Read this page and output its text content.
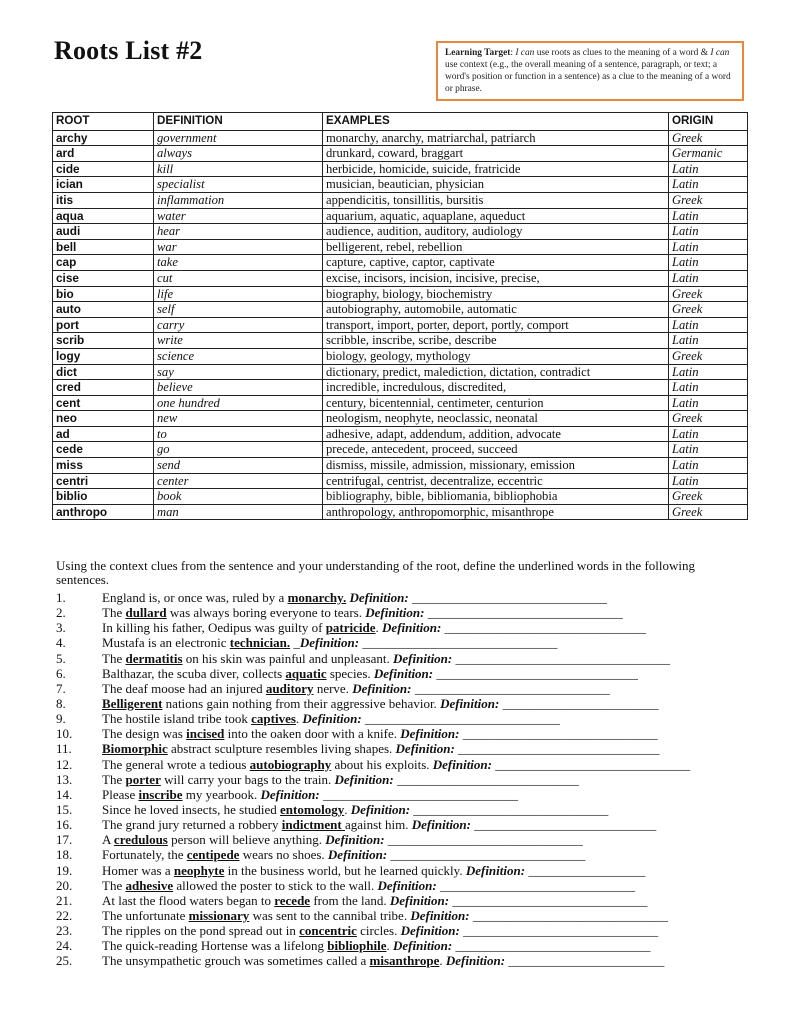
Roots List #2	Learning Target: I can use roots as clues to the meaning of a word & I can use context (e.g., the overall meaning of a sentence, paragraph, or text; a word's position or function in a sentence) as a clue to the meaning of a word or phrase.
ROOT	DEFINITION	EXAMPLES	ORIGIN
archy	government	monarchy, anarchy, matriarchal, patriarch	Greek
ard	always	drunkard, coward, braggart	Germanic
cide	kill	herbicide, homicide, suicide, fratricide	Latin
ician	specialist	musician, beautician, physician	Latin
itis	inflammation	appendicitis, tonsillitis, bursitis	Greek
aqua	water	aquarium, aquatic, aquaplane, aqueduct	Latin
audi	hear	audience, audition, auditory, audiology	Latin
bell	war	belligerent, rebel, rebellion	Latin
cap	take	capture, captive, captor, captivate	Latin
cise	cut	excise, incisors, incision, incisive, precise,	Latin
bio	life	biography, biology, biochemistry	Greek
auto	self	autobiography, automobile, automatic	Greek
port	carry	transport, import, porter, deport, portly, comport	Latin
scrib	write	scribble, inscribe, scribe, describe	Latin
logy	science	biology, geology, mythology	Greek
dict	say	dictionary, predict, malediction, dictation, contradict	Latin
cred	believe	incredible, incredulous, discredited,	Latin
cent	one hundred	century, bicentennial, centimeter, centurion	Latin
neo	new	neologism, neophyte, neoclassic, neonatal	Greek
ad	to	adhesive, adapt, addendum, addition, advocate	Latin
cede	go	precede, antecedent, proceed, succeed	Latin
miss	send	dismiss, missile, admission, missionary, emission	Latin
centri	center	centrifugal, centrist, decentralize, eccentric	Latin
biblio	book	bibliography, bible, bibliomania, bibliophobia	Greek
anthropo	man	anthropology, anthropomorphic, misanthrope	Greek
Using the context clues from the sentence and your understanding of the root, define the underlined words in the following sentences.
1.	England is, or once was, ruled by a monarchy. Definition: ______________________________
2.	The dullard was always boring everyone to tears. Definition: ______________________________
3.	In killing his father, Oedipus was guilty of patricide. Definition: _______________________________
4.	Mustafa is an electronic technician. _Definition: ______________________________
5.	The dermatitis on his skin was painful and unpleasant. Definition: _________________________________
6.	Balthazar, the scuba diver, collects aquatic species. Definition: _______________________________
7.	The deaf moose had an injured auditory nerve. Definition: ______________________________
8.	Belligerent nations gain nothing from their aggressive behavior. Definition: ________________________
9.	The hostile island tribe took captives. Definition: ______________________________
10.	The design was incised into the oaken door with a knife. Definition: ______________________________
11.	Biomorphic abstract sculpture resembles living shapes. Definition: _______________________________
12.	The general wrote a tedious autobiography about his exploits. Definition: ______________________________
13.	The porter will carry your bags to the train. Definition: ____________________________
14.	Please inscribe my yearbook. Definition: ______________________________
15.	Since he loved insects, he studied entomology. Definition: ______________________________
16.	The grand jury returned a robbery indictment against him. Definition: ____________________________
17.	A credulous person will believe anything. Definition: ______________________________
18.	Fortunately, the centipede wears no shoes. Definition: ______________________________
19.	Homer was a neophyte in the business world, but he learned quickly. Definition: __________________
20.	The adhesive allowed the poster to stick to the wall. Definition: ______________________________
21.	At last the flood waters began to recede from the land. Definition: ______________________________
22.	The unfortunate missionary was sent to the cannibal tribe. Definition: ______________________________
23.	The ripples on the pond spread out in concentric circles. Definition: ______________________________
24.	The quick-reading Hortense was a lifelong bibliophile. Definition: ______________________________
25.	The unsympathetic grouch was sometimes called a misanthrope. Definition: ________________________
